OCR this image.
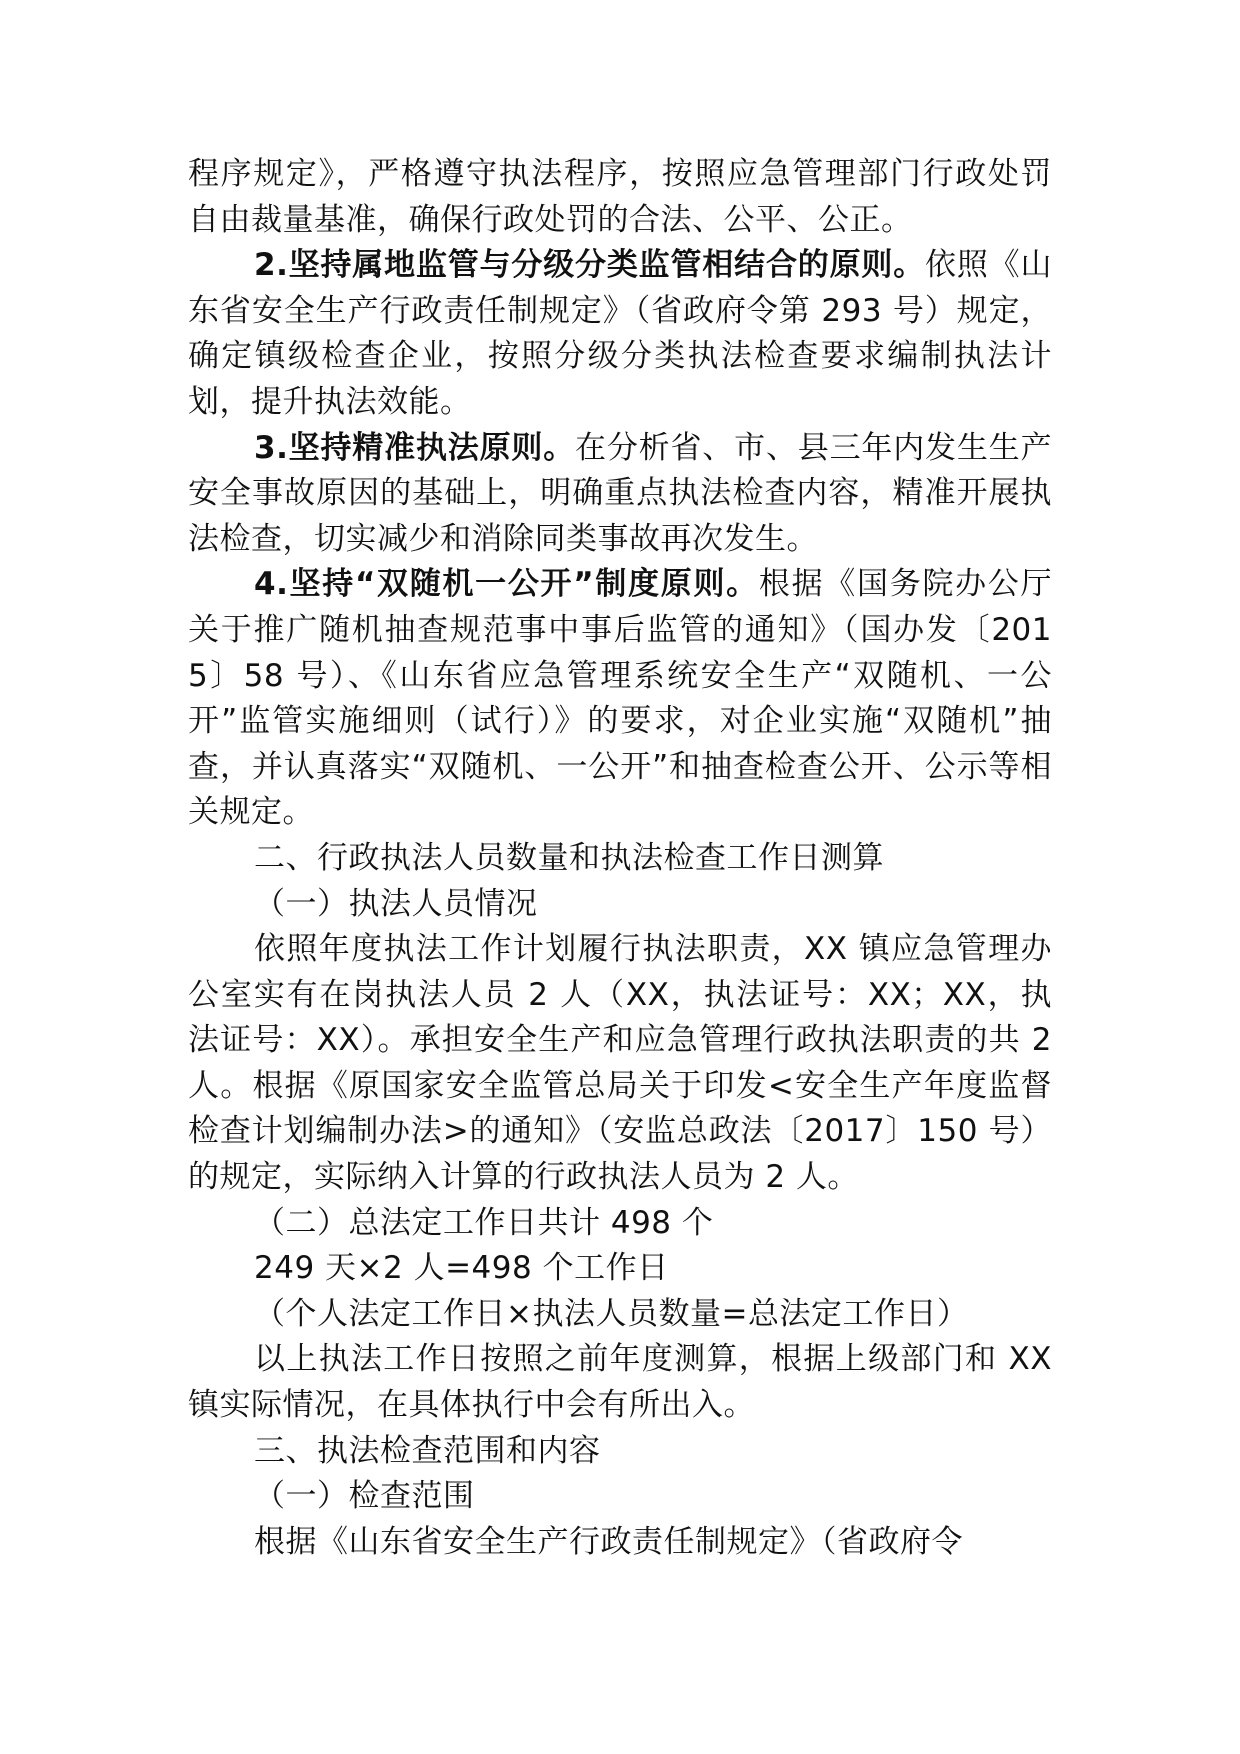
程序规定》，严格遵守执法程序，按照应急管理部门行政处罚自由裁量基准，确保行政处罚的合法、公平、公正。

2.坚持属地监管与分级分类监管相结合的原则。依照《山东省安全生产行政责任制规定》（省政府令第 293 号）规定，确定镇级检查企业，按照分级分类执法检查要求编制执法计划，提升执法效能。

3.坚持精准执法原则。在分析省、市、县三年内发生生产安全事故原因的基础上，明确重点执法检查内容，精准开展执法检查，切实减少和消除同类事故再次发生。

4.坚持“双随机一公开”制度原则。根据《国务院办公厅关于推广随机抽查规范事中事后监管的通知》（国办发〔2015〕58 号）、《山东省应急管理系统安全生产“双随机、一公开”监管实施细则（试行）》的要求，对企业实施“双随机”抽查，并认真落实“双随机、一公开”和抽查检查公开、公示等相关规定。

二、行政执法人员数量和执法检查工作日测算

（一）执法人员情况

依照年度执法工作计划履行执法职责，XX 镇应急管理办公室实有在岗执法人员 2 人（XX，执法证号：XX；XX，执法证号：XX）。承担安全生产和应急管理行政执法职责的共 2 人。根据《原国家安全监管总局关于印发<安全生产年度监督检查计划编制办法>的通知》（安监总政法〔2017〕150 号）的规定，实际纳入计算的行政执法人员为 2 人。

（二）总法定工作日共计 498 个

249 天×2 人=498 个工作日

（个人法定工作日×执法人员数量=总法定工作日）

以上执法工作日按照之前年度测算，根据上级部门和 XX 镇实际情况，在具体执行中会有所出入。

三、执法检查范围和内容

（一）检查范围

根据《山东省安全生产行政责任制规定》（省政府令
